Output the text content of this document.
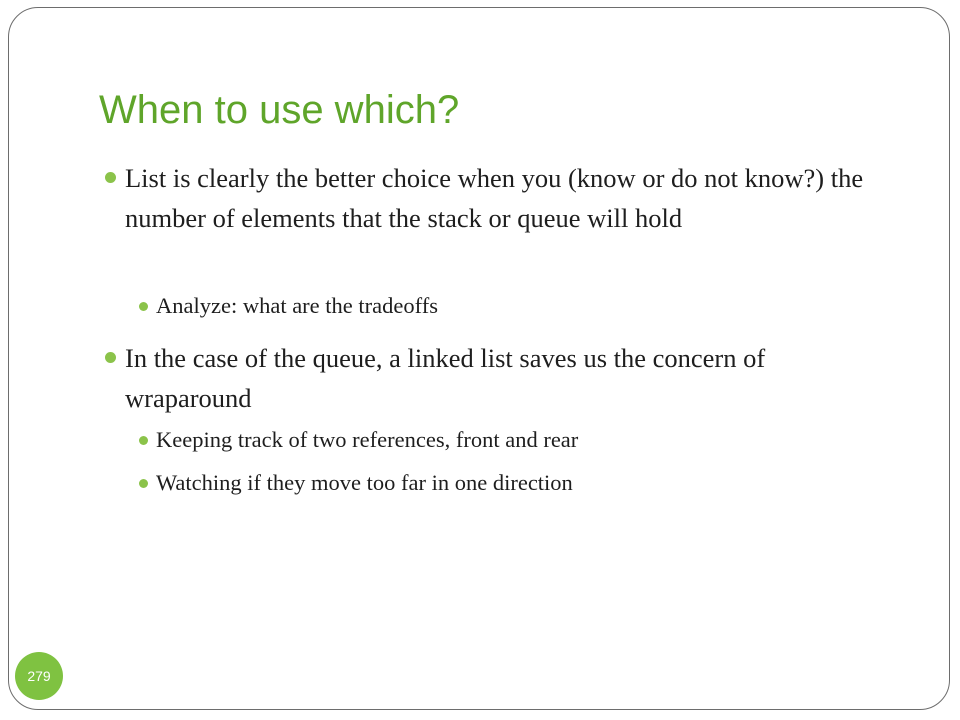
When to use which?

List is clearly the better choice when you (know or do not know?) the number of elements that the stack or queue will hold

Analyze: what are the tradeoffs

In the case of the queue, a linked list saves us the concern of wraparound

Keeping track of two references, front and rear

Watching if they move too far in one direction

279
